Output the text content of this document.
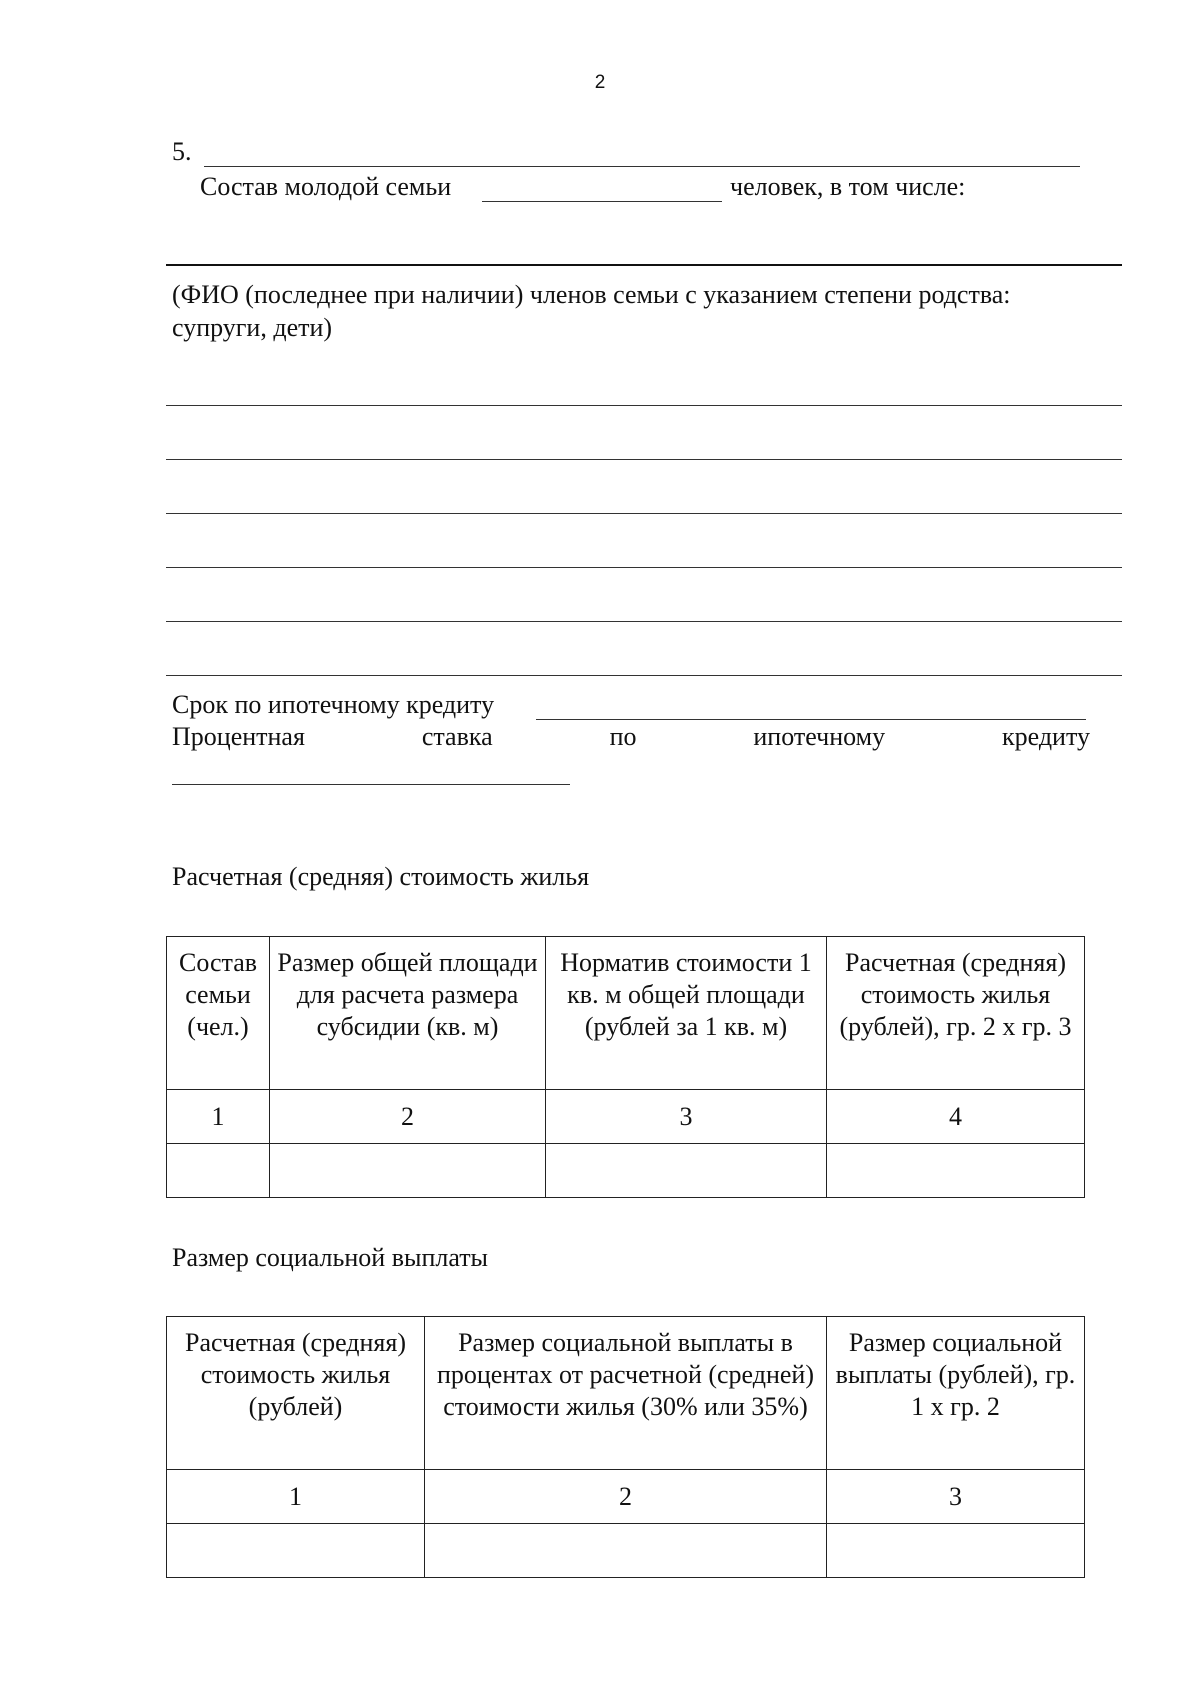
2
5.
Состав молодой семьи	человек, в том числе:
(ФИО (последнее при наличии) членов семьи с указанием степени родства:
супруги, дети)
Срок по ипотечному кредиту
Процентная	ставка	по	ипотечному	кредиту
Расчетная (средняя) стоимость жилья
Состав семьи (чел.)	Размер общей площади для расчета размера субсидии (кв. м)	Норматив стоимости 1 кв. м общей площади (рублей за 1 кв. м)	Расчетная (средняя) стоимость жилья (рублей), гр. 2 х гр. 3
1	2	3	4

Размер социальной выплаты
Расчетная (средняя) стоимость жилья (рублей)	Размер социальной выплаты в процентах от расчетной (средней) стоимости жилья (30% или 35%)	Размер социальной выплаты (рублей), гр. 1 х гр. 2
1	2	3
